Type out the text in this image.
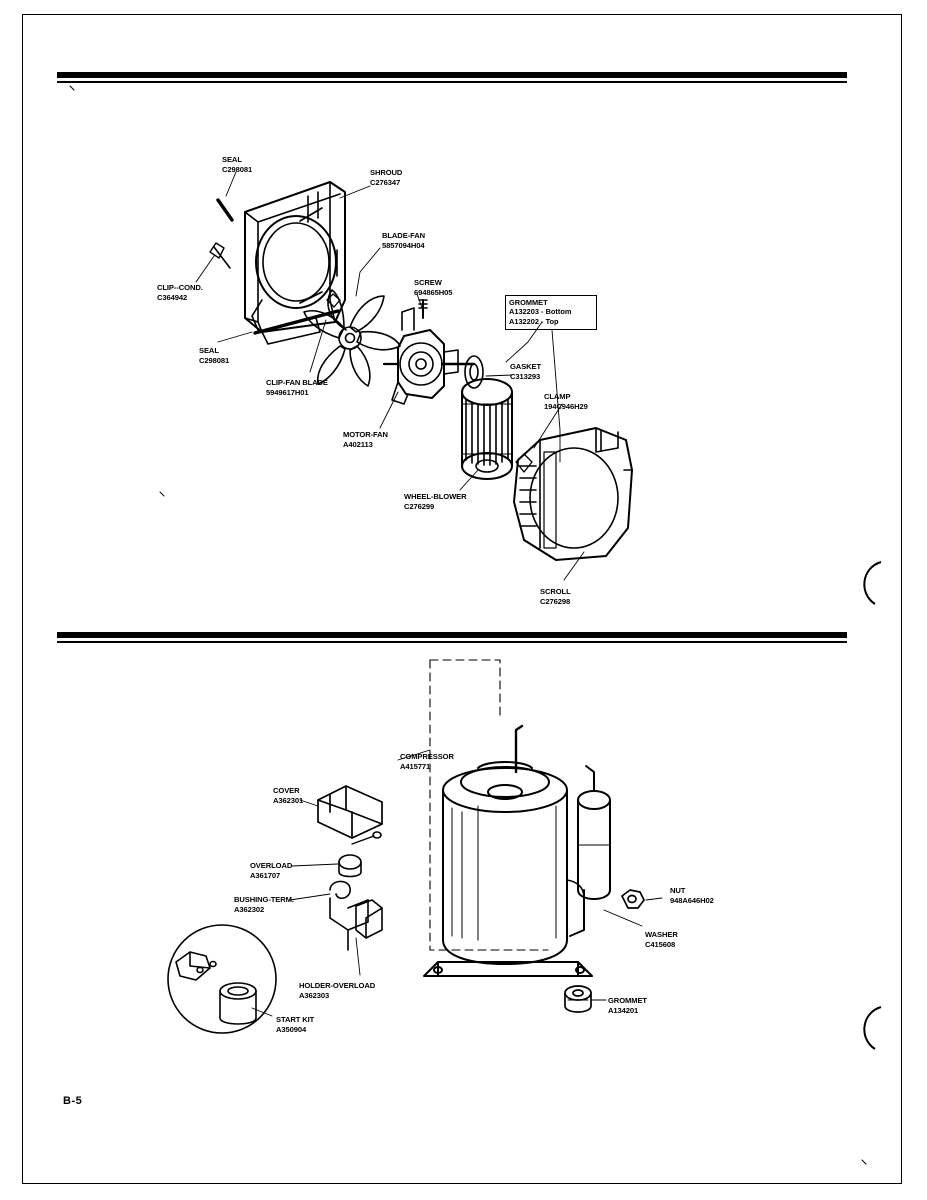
SEAL
C298081	SHROUD
C276347
BLADE-FAN
5857094H04
SCREW
694865H05
CLIP--COND.
C364942
SEAL
C298081
CLIP-FAN BLADE
5949617H01
MOTOR-FAN
A402113
GASKET
C313293
CLAMP
194C946H29
WHEEL-BLOWER
C276299
SCROLL
C276298
GROMMET
A132203 - Bottom
A132202 - Top
COMPRESSOR
A415771
COVER
A362301
OVERLOAD
A361707
BUSHING-TERM.
A362302
NUT
948A646H02
WASHER
C415608
HOLDER-OVERLOAD
A362303
GROMMET
A134201
START KIT
A350904
B-5
